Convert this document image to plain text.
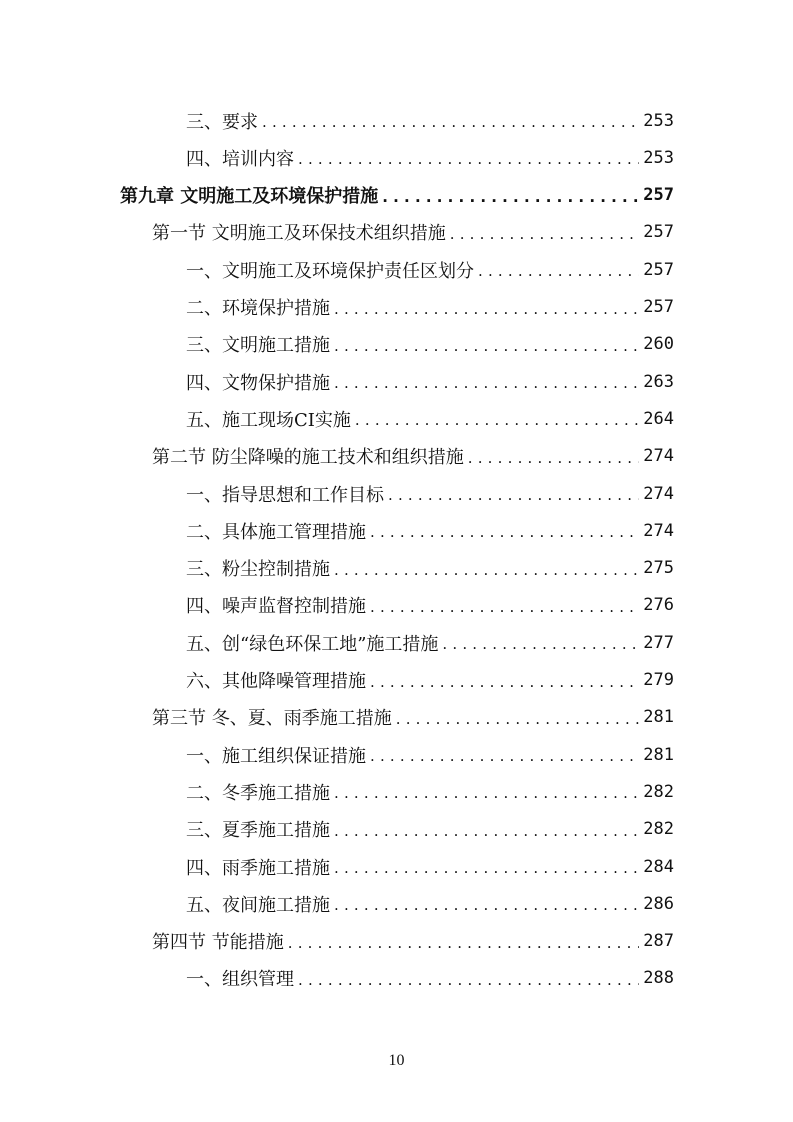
三、要求 .....	253
四、培训内容 .....	253
第九章 文明施工及环境保护措施 .....	257
第一节 文明施工及环保技术组织措施 .....	257
一、文明施工及环境保护责任区划分 .....	257
二、环境保护措施 .....	257
三、文明施工措施 .....	260
四、文物保护措施 .....	263
五、施工现场CI实施 .....	264
第二节 防尘降噪的施工技术和组织措施 .....	274
一、指导思想和工作目标 .....	274
二、具体施工管理措施 .....	274
三、粉尘控制措施 .....	275
四、噪声监督控制措施 .....	276
五、创“绿色环保工地”施工措施 .....	277
六、其他降噪管理措施 .....	279
第三节 冬、夏、雨季施工措施 .....	281
一、施工组织保证措施 .....	281
二、冬季施工措施 .....	282
三、夏季施工措施 .....	282
四、雨季施工措施 .....	284
五、夜间施工措施 .....	286
第四节 节能措施 .....	287
一、组织管理 .....	288
10
